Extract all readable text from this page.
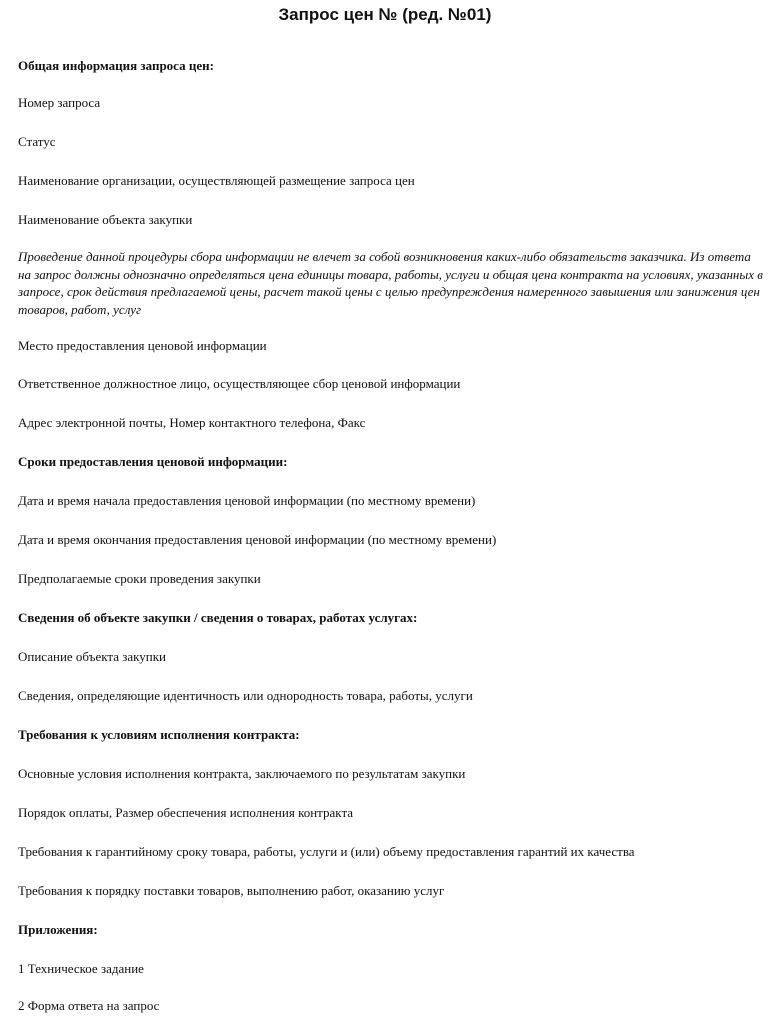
Запрос цен № (ред. №01)
Общая информация запроса цен:
Номер запроса
Статус
Наименование организации, осуществляющей размещение запроса цен
Наименование объекта закупки
Проведение данной процедуры сбора информации не влечет за собой возникновения каких-либо обязательств заказчика. Из ответа на запрос должны однозначно определяться цена единицы товара, работы, услуги и общая цена контракта на условиях, указанных в запросе, срок действия предлагаемой цены, расчет такой цены с целью предупреждения намеренного завышения или занижения цен товаров, работ, услуг
Место предоставления ценовой информации
Ответственное должностное лицо, осуществляющее сбор ценовой информации
Адрес электронной почты, Номер контактного телефона, Факс
Сроки предоставления ценовой информации:
Дата и время начала предоставления ценовой информации (по местному времени)
Дата и время окончания предоставления ценовой информации (по местному времени)
Предполагаемые сроки проведения закупки
Сведения об объекте закупки / сведения о товарах, работах услугах:
Описание объекта закупки
Сведения, определяющие идентичность или однородность товара, работы, услуги
Требования к условиям исполнения контракта:
Основные условия исполнения контракта, заключаемого по результатам закупки
Порядок оплаты, Размер обеспечения исполнения контракта
Требования к гарантийному сроку товара, работы, услуги и (или) объему предоставления гарантий их качества
Требования к порядку поставки товаров, выполнению работ, оказанию услуг
Приложения:
1 Техническое задание
2 Форма ответа на запрос
